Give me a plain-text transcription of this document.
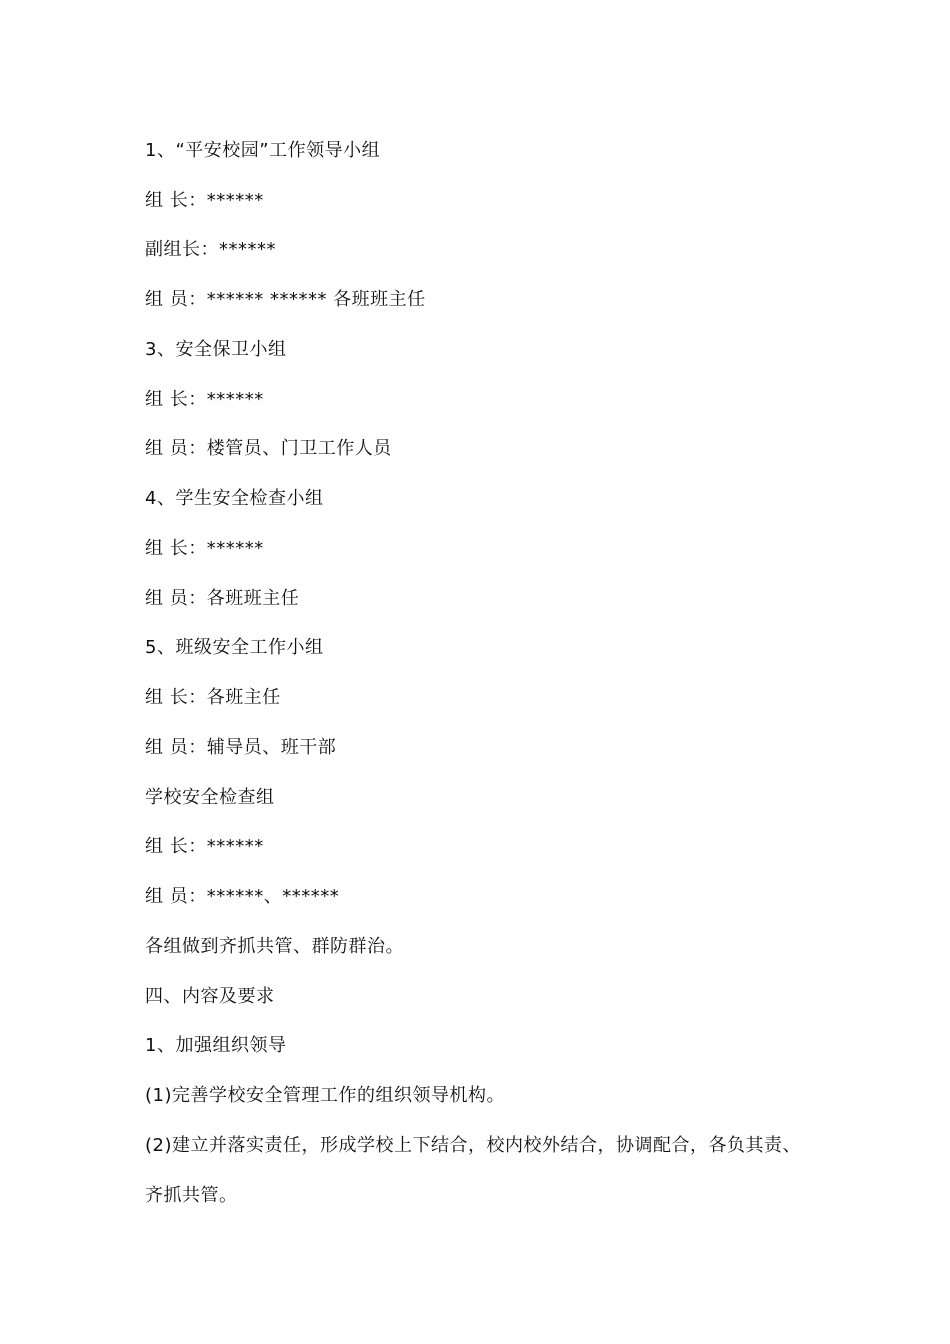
1、“平安校园”工作领导小组
组 长：******
副组长：******
组 员：****** ****** 各班班主任
3、安全保卫小组
组 长：******
组 员：楼管员、门卫工作人员
4、学生安全检查小组
组 长：******
组 员：各班班主任
5、班级安全工作小组
组 长：各班主任
组 员：辅导员、班干部
学校安全检查组
组 长：******
组 员：******、******
各组做到齐抓共管、群防群治。
四、内容及要求
1、加强组织领导
(1)完善学校安全管理工作的组织领导机构。
(2)建立并落实责任，形成学校上下结合，校内校外结合，协调配合，各负其责、
齐抓共管。
